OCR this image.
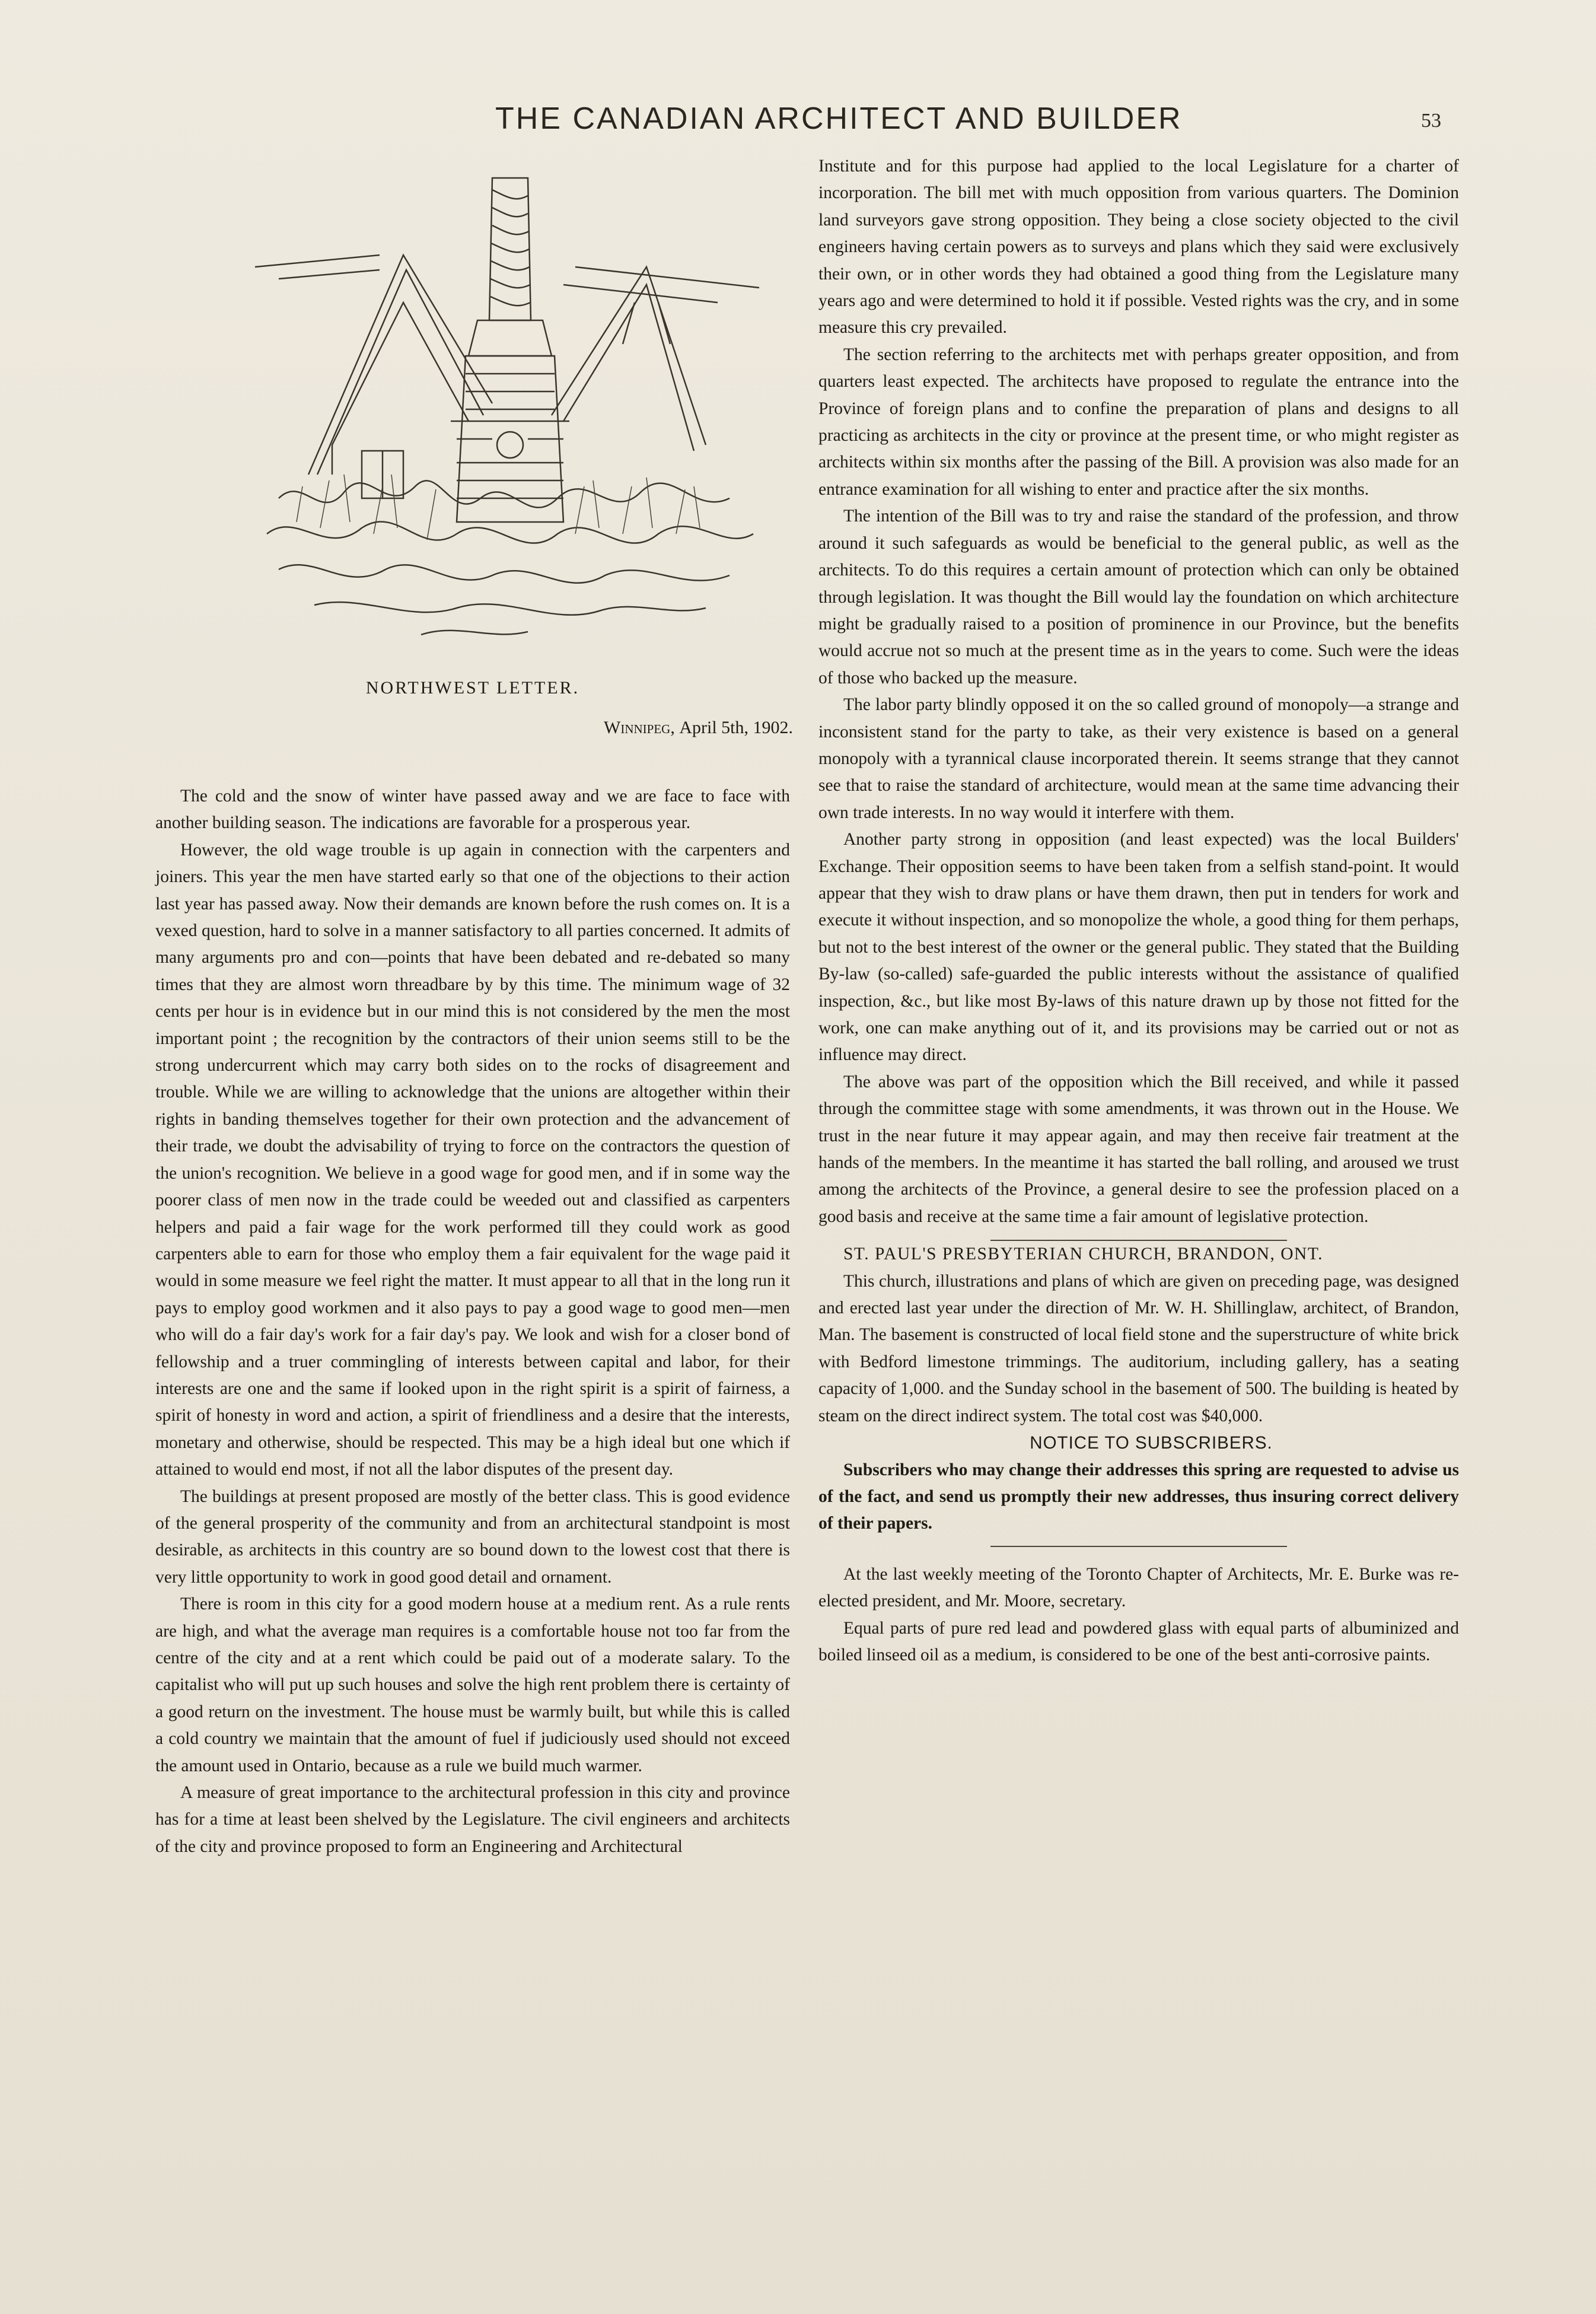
THE CANADIAN ARCHITECT AND BUILDER	53
NORTHWEST LETTER.
Winnipeg, April 5th, 1902.

The cold and the snow of winter have passed away and we are face to face with another building season. The indications are favorable for a prosperous year.

However, the old wage trouble is up again in connection with the carpenters and joiners. This year the men have started early so that one of the objections to their action last year has passed away. Now their demands are known before the rush comes on. It is a vexed question, hard to solve in a manner satisfactory to all parties concerned. It admits of many arguments pro and con—points that have been debated and re-debated so many times that they are almost worn threadbare by by this time. The minimum wage of 32 cents per hour is in evidence but in our mind this is not considered by the men the most important point ; the recognition by the contractors of their union seems still to be the strong undercurrent which may carry both sides on to the rocks of disagreement and trouble. While we are willing to acknowledge that the unions are altogether within their rights in banding themselves together for their own protection and the advancement of their trade, we doubt the advisability of trying to force on the contractors the question of the union's recognition. We believe in a good wage for good men, and if in some way the poorer class of men now in the trade could be weeded out and classified as carpenters helpers and paid a fair wage for the work performed till they could work as good carpenters able to earn for those who employ them a fair equivalent for the wage paid it would in some measure we feel right the matter. It must appear to all that in the long run it pays to employ good workmen and it also pays to pay a good wage to good men—men who will do a fair day's work for a fair day's pay. We look and wish for a closer bond of fellowship and a truer commingling of interests between capital and labor, for their interests are one and the same if looked upon in the right spirit is a spirit of fairness, a spirit of honesty in word and action, a spirit of friendliness and a desire that the interests, monetary and otherwise, should be respected. This may be a high ideal but one which if attained to would end most, if not all the labor disputes of the present day.

The buildings at present proposed are mostly of the better class. This is good evidence of the general prosperity of the community and from an architectural standpoint is most desirable, as architects in this country are so bound down to the lowest cost that there is very little opportunity to work in good good detail and ornament.

There is room in this city for a good modern house at a medium rent. As a rule rents are high, and what the average man requires is a comfortable house not too far from the centre of the city and at a rent which could be paid out of a moderate salary. To the capitalist who will put up such houses and solve the high rent problem there is certainty of a good return on the investment. The house must be warmly built, but while this is called a cold country we maintain that the amount of fuel if judiciously used should not exceed the amount used in Ontario, because as a rule we build much warmer.

A measure of great importance to the architectural profession in this city and province has for a time at least been shelved by the Legislature. The civil engineers and architects of the city and province proposed to form an Engineering and Architectural

Institute and for this purpose had applied to the local Legislature for a charter of incorporation. The bill met with much opposition from various quarters. The Dominion land surveyors gave strong opposition. They being a close society objected to the civil engineers having certain powers as to surveys and plans which they said were exclusively their own, or in other words they had obtained a good thing from the Legislature many years ago and were determined to hold it if possible. Vested rights was the cry, and in some measure this cry prevailed.

The section referring to the architects met with perhaps greater opposition, and from quarters least expected. The architects have proposed to regulate the entrance into the Province of foreign plans and to confine the preparation of plans and designs to all practicing as architects in the city or province at the present time, or who might register as architects within six months after the passing of the Bill. A provision was also made for an entrance examination for all wishing to enter and practice after the six months.

The intention of the Bill was to try and raise the standard of the profession, and throw around it such safeguards as would be beneficial to the general public, as well as the architects. To do this requires a certain amount of protection which can only be obtained through legislation. It was thought the Bill would lay the foundation on which architecture might be gradually raised to a position of prominence in our Province, but the benefits would accrue not so much at the present time as in the years to come. Such were the ideas of those who backed up the measure.

The labor party blindly opposed it on the so called ground of monopoly—a strange and inconsistent stand for the party to take, as their very existence is based on a general monopoly with a tyrannical clause incorporated therein. It seems strange that they cannot see that to raise the standard of architecture, would mean at the same time advancing their own trade interests. In no way would it interfere with them.

Another party strong in opposition (and least expected) was the local Builders' Exchange. Their opposition seems to have been taken from a selfish stand-point. It would appear that they wish to draw plans or have them drawn, then put in tenders for work and execute it without inspection, and so monopolize the whole, a good thing for them perhaps, but not to the best interest of the owner or the general public. They stated that the Building By-law (so-called) safe-guarded the public interests without the assistance of qualified inspection, &c., but like most By-laws of this nature drawn up by those not fitted for the work, one can make anything out of it, and its provisions may be carried out or not as influence may direct.

The above was part of the opposition which the Bill received, and while it passed through the committee stage with some amendments, it was thrown out in the House. We trust in the near future it may appear again, and may then receive fair treatment at the hands of the members. In the meantime it has started the ball rolling, and aroused we trust among the architects of the Province, a general desire to see the profession placed on a good basis and receive at the same time a fair amount of legislative protection.

ST. PAUL'S PRESBYTERIAN CHURCH, BRANDON, ONT.

This church, illustrations and plans of which are given on preceding page, was designed and erected last year under the direction of Mr. W. H. Shillinglaw, architect, of Brandon, Man. The basement is constructed of local field stone and the superstructure of white brick with Bedford limestone trimmings. The auditorium, including gallery, has a seating capacity of 1,000. and the Sunday school in the basement of 500. The building is heated by steam on the direct indirect system. The total cost was $40,000.

NOTICE TO SUBSCRIBERS.

Subscribers who may change their addresses this spring are requested to advise us of the fact, and send us promptly their new addresses, thus insuring correct delivery of their papers.

At the last weekly meeting of the Toronto Chapter of Architects, Mr. E. Burke was re-elected president, and Mr. Moore, secretary.

Equal parts of pure red lead and powdered glass with equal parts of albuminized and boiled linseed oil as a medium, is considered to be one of the best anti-corrosive paints.
